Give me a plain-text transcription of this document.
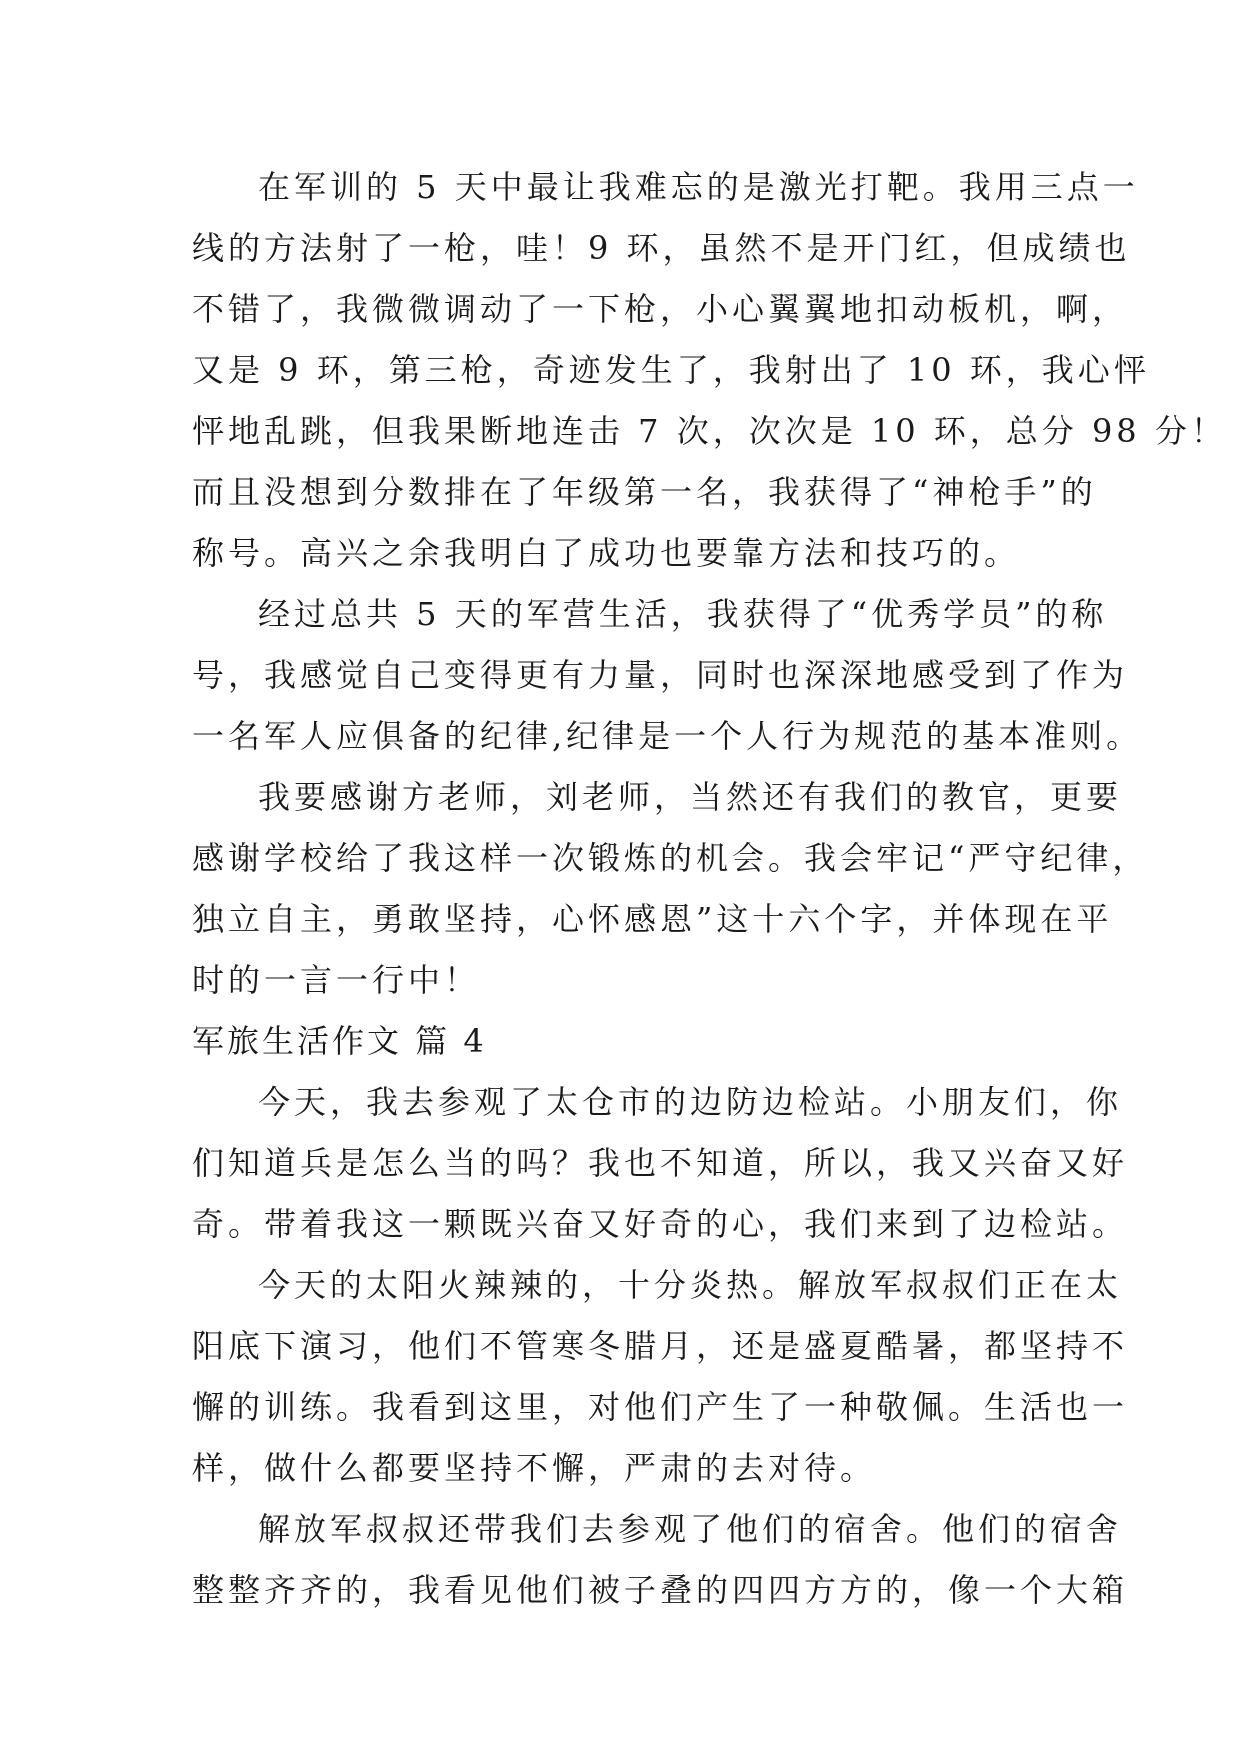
在军训的 5 天中最让我难忘的是激光打靶。我用三点一
线的方法射了一枪，哇！9 环，虽然不是开门红，但成绩也
不错了，我微微调动了一下枪，小心翼翼地扣动板机，啊，
又是 9 环，第三枪，奇迹发生了，我射出了 10 环，我心怦
怦地乱跳，但我果断地连击 7 次，次次是 10 环，总分 98 分！
而且没想到分数排在了年级第一名，我获得了“神枪手”的
称号。高兴之余我明白了成功也要靠方法和技巧的。
经过总共 5 天的军营生活，我获得了“优秀学员”的称
号，我感觉自己变得更有力量，同时也深深地感受到了作为
一名军人应俱备的纪律,纪律是一个人行为规范的基本准则。
我要感谢方老师，刘老师，当然还有我们的教官，更要
感谢学校给了我这样一次锻炼的机会。我会牢记“严守纪律，
独立自主，勇敢坚持，心怀感恩”这十六个字，并体现在平
时的一言一行中！
军旅生活作文 篇 4
今天，我去参观了太仓市的边防边检站。小朋友们，你
们知道兵是怎么当的吗？我也不知道，所以，我又兴奋又好
奇。带着我这一颗既兴奋又好奇的心，我们来到了边检站。
今天的太阳火辣辣的，十分炎热。解放军叔叔们正在太
阳底下演习，他们不管寒冬腊月，还是盛夏酷暑，都坚持不
懈的训练。我看到这里，对他们产生了一种敬佩。生活也一
样，做什么都要坚持不懈，严肃的去对待。
解放军叔叔还带我们去参观了他们的宿舍。他们的宿舍
整整齐齐的，我看见他们被子叠的四四方方的，像一个大箱
